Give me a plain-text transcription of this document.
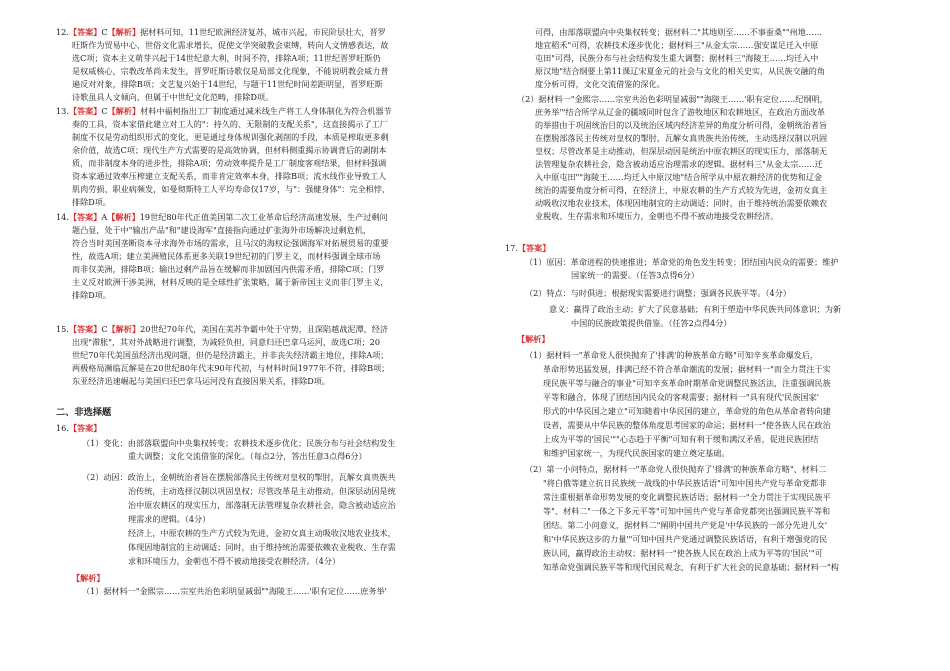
12.【答案】C【解析】据材料可知，11世纪欧洲经济复苏，城市兴起，市民阶层壮大，晋罗
旺斯作为贸易中心，世俗文化需求增长，促使文学突破教会束缚，转向人文情感表达，故
选C项；资本主义萌芽兴起于14世纪意大利，时间不符，排除A项；11世纪晋罗旺斯仍
是权威核心，宗教改革尚未发生，晋罗旺斯诗歌仅是局部文化现象，不能说明教会威力普
遍反对对象，排除B项；文艺复兴始于14世纪，与题干11世纪时间差距明显，晋罗旺斯
诗歌虽具人文倾向，但属于中世纪文化范畴，排除D项。
13.【答案】C【解析】材料中福柯指出工厂制度通过减米线生产将工人身体制化为符合机器节
奏的工具，资本家借此建立对工人的"：持久的、无限制的支配关系"，这直接揭示了工厂
制度不仅是劳动组织形式的变化，更是通过身体规训强化剥削的手段，本质是榨取更多剩
余价值，故选C项；现代生产方式需要的是高效协调，但材料侧重揭示协调背后的剥削本
质，而非制度本身的进步性，排除A项；劳动效率提升是工厂制度客观结果，但材料强调
资本家通过效率压榨建立支配关系，而非肯定效率本身，排除B项；流水线作业导致工人
肌肉劳损、职业病频发，如曼彻斯特工人平均寿命仅17岁，与"：强健身体"：完全相悖，
排除D项。
14.【答案】A【解析】19世纪80年代正值美国第二次工业革命后经济高速发展，生产过剩问
题凸显，处于中"输出产品"和"建设海军"直接指向通过扩张海外市场解决过剩危机，
符合当时美国垄断资本寻求海外市场的需求，且马汉的海权论强调海军对拓展贸易的重要
性，故选A项；建立美洲殖民体系更多关联19世纪初的门罗主义，而材料强调全球市场
而非仅美洲，排除B项；输出过剩产品旨在缓解而非加剧国内供需矛盾，排除C项；门罗
主义反对欧洲干涉美洲，材料反映的是全球性扩张策略，属于新帝国主义而非门罗主义，
排除D项。
15.【答案】C【解析】20世纪70年代，美国在美苏争霸中处于守势，且深陷越战泥潭，经济
出现"滞胀"，其对外战略进行调整，为减轻负担，同意归还巴拿马运河，故选C项；20
世纪70年代美国虽经济出现问题，但仍是经济霸主，并非丧失经济霸主地位，排除A项；
两极格局濒临瓦解是在20世纪80年代末90年代初，与材料时间1977年不符，排除B项；
东亚经济迅速崛起与美国归还巴拿马运河没有直接因果关系，排除D项。
二、非选择题
16.【答案】
（1）变化：由部落联盟向中央集权转变；农耕技术逐步优化；民族分布与社会结构发生
重大调整；文化交流借鉴的深化。（每点2分，答出任意3点得6分）
（2）动因：政治上，金朝统治者旨在摆脱部落民主传统对皇权的掣肘，瓦解女真贵族共
治传统，主动选择汉制以巩固皇权；尽管改革是主动推动，但深层动因是统
治中原农耕区的现实压力，部落制无法管理复杂农耕社会，隐含被动适应治
理需求的逻辑。（4分）
经济上，中原农耕的生产方式较为先进，金初女真主动吸收汉地农业技术，
体现因地制宜的主动调适；同时，由于维持统治需要依赖农业税收、生存需
求和环境压力，金朝也不得不被动地接受农耕经济。（4分）
【解析】
（1）据材料一"金熙宗……宗室共治色彩明显减弱""海陵王……'职有定位……庶务举'
可得，由部落联盟向中央集权转变；据材料二"其地则至……不事蚕桑""州地……
地宜稻禾"可得，农耕技术逐步优化；据材料三"从金太宗……强安谋足迁入中原
屯田"可得，民族分布与社会结构发生重大调整；据材料三"海陵王……均迁入中
原汉地"结合纲要上第11课辽宋夏金元的社会与文化的相关史实，从民族交融的角
度分析可得，文化交流借鉴的深化。
（2）据材料一"金熙宗……宗室共治色彩明显减弱""海陵王……'职有定位……纪纲明，
庶务举'"结合所学从辽金的疆域同时包含了游牧地区和农耕地区，在政治方面改革
的举措由于巩固统治目的以及统治区域内经济差异的角度分析可得，金朝统治者旨
在摆脱部落民主传统对皇权的掣肘，瓦解女真贵族共治传统，主动选择汉制以巩固
皇权；尽管改革是主动推动，但深层动因是统治中原农耕区的现实压力，部落制无
法管理复杂农耕社会，隐含被动适应治理需求的逻辑。据材料三"从金太宗……迁
入中原屯田""海陵王……均迁入中原汉地"结合所学从中原农耕经济的优势和辽金
统治的需要角度分析可得，在经济上，中原农耕的生产方式较为先进，金初女真主
动吸收汉地农业技术，体现因地制宜的主动调适；同时，由于维持统治需要依赖农
业税收、生存需求和环境压力，金朝也不得不被动地接受农耕经济。
17.【答案】
（1）原因：革命进程的快速推进；革命党的角色发生转变；团结国内民众的需要；维护
国家统一的需要。（任答3点得6分）
（2）特点：与时俱进；根据现实需要进行调整；强调各民族平等。（4分）
意义：赢得了政治主动；扩大了民意基础；有利于塑造中华民族共同体意识；为新
中国的民族政策提供借鉴。（任答2点得4分）
【解析】
（1）据材料一"革命党人很快抛弃了'排满'的种族革命方略"可知辛亥革命爆发后，
革命形势迅猛发展，排满已经不符合革命潮流的发展；据材料一"而全力贯注于实
现民族平等与融合的事业"可知辛亥革命时期革命党调整民族活法，注重强调民族
平等和融合，体现了团结国内民众的客观需要；据材料一"具有现代'民族国家'
形式的中华民国之建立"可知随着中华民国的建立，革命党的角色从革命者转向建
设者，需要从中华民族的整体角度思考国家的命运；据材料一"使各族人民在政治
上成为平等的'国民'""心态趋于平衡"可知有利于缓和满汉矛盾，促进民族团结
和维护国家统一，为现代民族国家的建立奠定基础。
（2）第一小问特点，据材料一"革命党人很快抛弃了'排满'的种族革命方略"、材料二
"将白俄等建立抗日民族统一战线的中华民族话语"可知中国共产党与革命党都非
常注重根据革命形势发展的变化调整民族话语；据材料一"全力贯注于实现民族平
等"、材料二"一体之下多元平等"可知中国共产党与革命党都突出强调民族平等和
团结。第二小问意义，据材料二"阐明中国共产党是'中华民族的一部分先进儿女'
和'中华民族这步的力量'"可知中国共产党通过调整民族话语，有利于增强党的民
族认同，赢得政治主动权；据材料一"使各族人民在政治上成为平等的'国民'"可
知革命党强调民族平等和现代国民观念，有利于扩大社会的民意基础；据材料一"构
